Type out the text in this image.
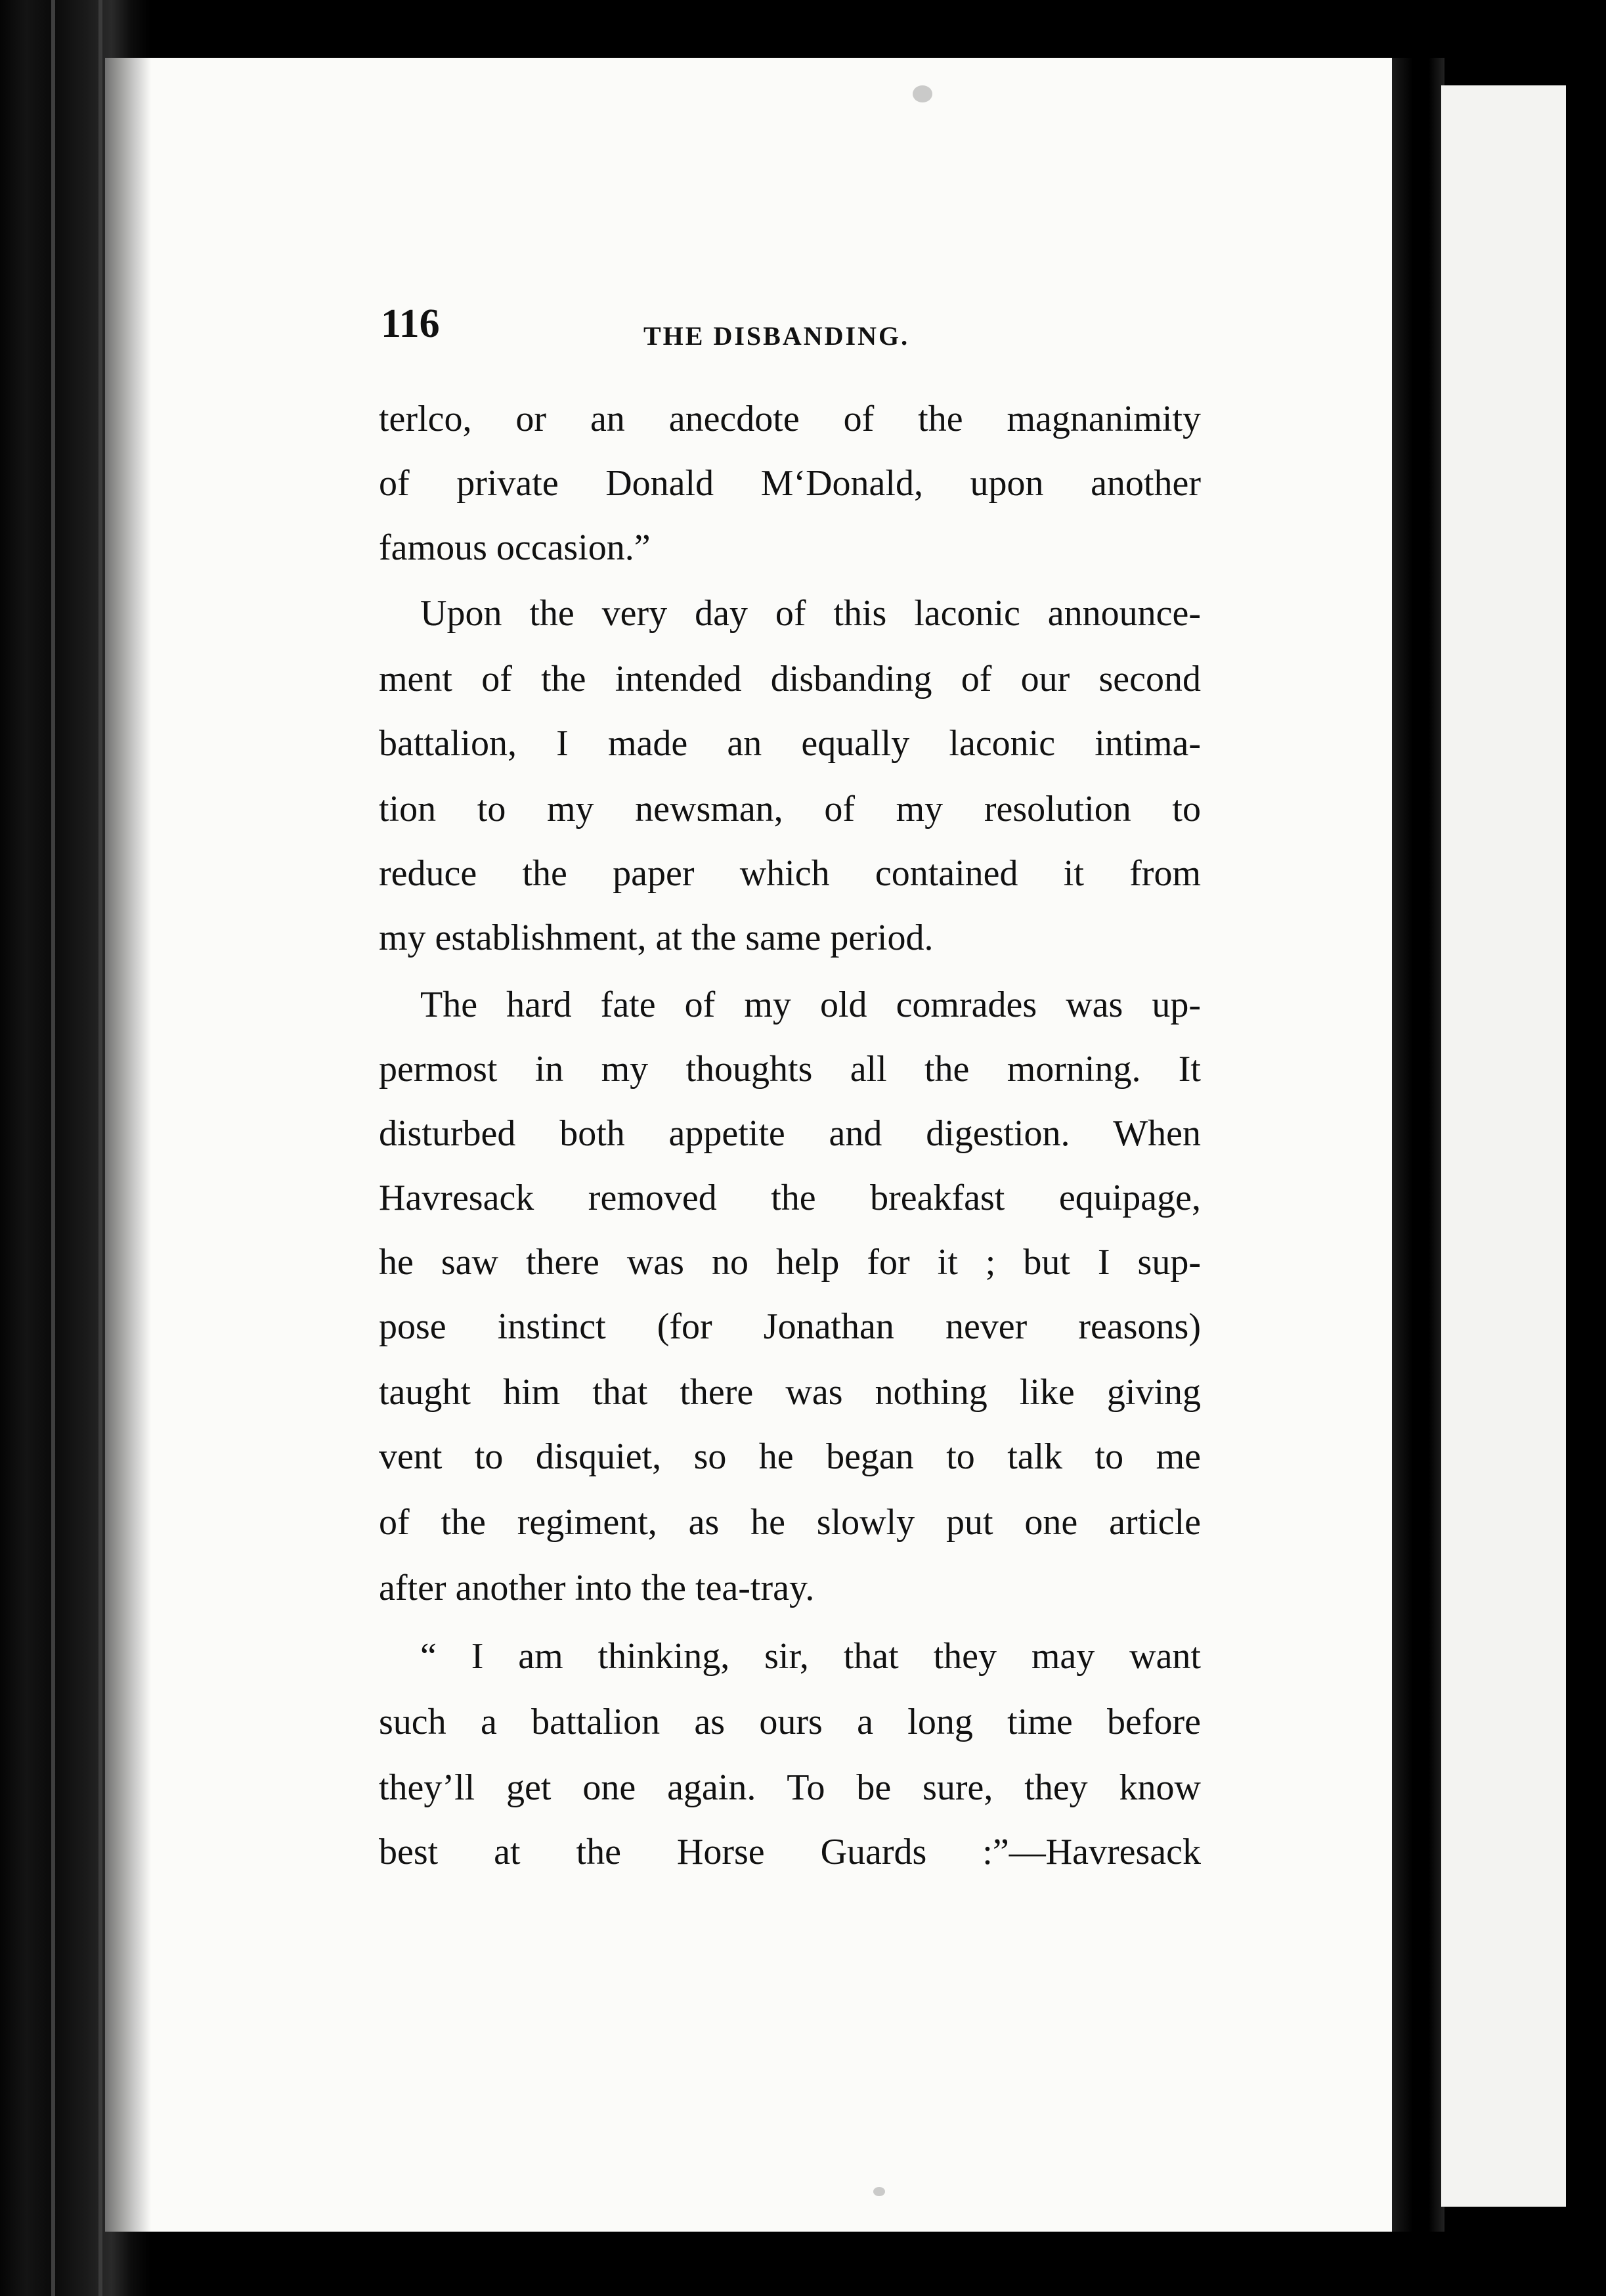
116	THE DISBANDING.
terlco, or an anecdote of the magnanimity
of private Donald M‘Donald, upon another
famous occasion.”
Upon the very day of this laconic announce-
ment of the intended disbanding of our second
battalion, I made an equally laconic intima-
tion to my newsman, of my resolution to
reduce the paper which contained it from
my establishment, at the same period.
The hard fate of my old comrades was up-
permost in my thoughts all the morning. It
disturbed both appetite and digestion. When
Havresack removed the breakfast equipage,
he saw there was no help for it ; but I sup-
pose instinct (for Jonathan never reasons)
taught him that there was nothing like giving
vent to disquiet, so he began to talk to me
of the regiment, as he slowly put one article
after another into the tea-tray.
“ I am thinking, sir, that they may want
such a battalion as ours a long time before
they’ll get one again. To be sure, they know
best at the Horse Guards :”—Havresack
